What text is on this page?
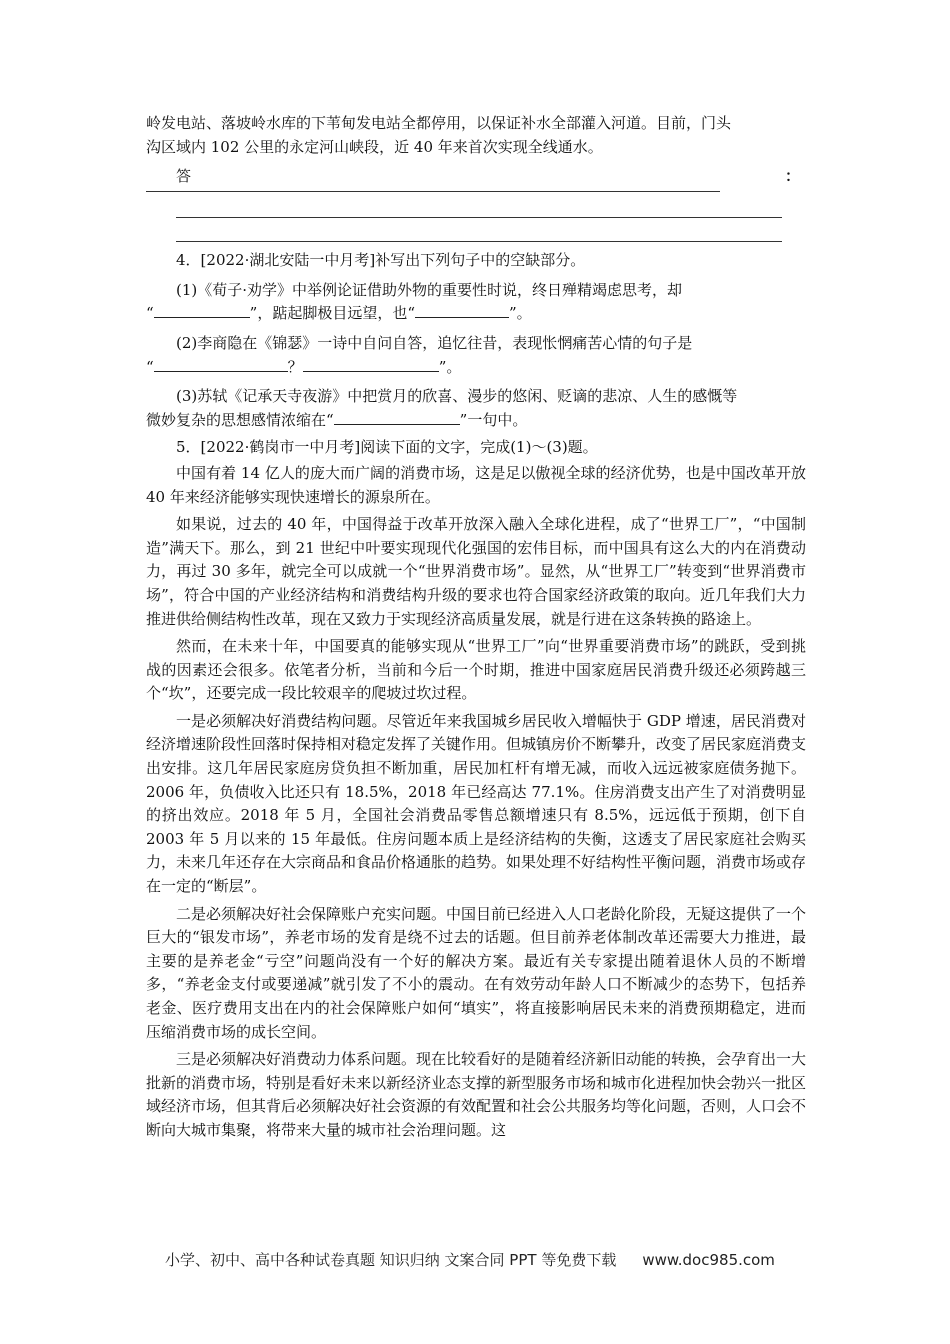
岭发电站、落坡岭水库的下苇甸发电站全都停用，以保证补水全部灌入河道。目前，门头

沟区域内 102 公里的永定河山峡段，近 40 年来首次实现全线通水。

答	：

4．[2022·湖北安陆一中月考]补写出下列句子中的空缺部分。

(1)《荀子·劝学》中举例论证借助外物的重要性时说，终日殚精竭虑思考，却

“	”，踮起脚极目远望，也“	”。

(2)李商隐在《锦瑟》一诗中自问自答，追忆往昔，表现怅惘痛苦心情的句子是

“	？	”。

(3)苏轼《记承天寺夜游》中把赏月的欣喜、漫步的悠闲、贬谪的悲凉、人生的感慨等

微妙复杂的思想感情浓缩在“	”一句中。

5．[2022·鹤岗市一中月考]阅读下面的文字，完成(1)～(3)题。

中国有着 14 亿人的庞大而广阔的消费市场，这是足以傲视全球的经济优势，也是中国改革开放 40 年来经济能够实现快速增长的源泉所在。

如果说，过去的 40 年，中国得益于改革开放深入融入全球化进程，成了“世界工厂”，“中国制造”满天下。那么，到 21 世纪中叶要实现现代化强国的宏伟目标，而中国具有这么大的内在消费动力，再过 30 多年，就完全可以成就一个“世界消费市场”。显然，从“世界工厂”转变到“世界消费市场”，符合中国的产业经济结构和消费结构升级的要求也符合国家经济政策的取向。近几年我们大力推进供给侧结构性改革，现在又致力于实现经济高质量发展，就是行进在这条转换的路途上。

然而，在未来十年，中国要真的能够实现从“世界工厂”向“世界重要消费市场”的跳跃，受到挑战的因素还会很多。依笔者分析，当前和今后一个时期，推进中国家庭居民消费升级还必须跨越三个“坎”，还要完成一段比较艰辛的爬坡过坎过程。

一是必须解决好消费结构问题。尽管近年来我国城乡居民收入增幅快于 GDP 增速，居民消费对经济增速阶段性回落时保持相对稳定发挥了关键作用。但城镇房价不断攀升，改变了居民家庭消费支出安排。这几年居民家庭房贷负担不断加重，居民加杠杆有增无减，而收入远远被家庭债务抛下。2006 年，负债收入比还只有 18.5%，2018 年已经高达 77.1%。住房消费支出产生了对消费明显的挤出效应。2018 年 5 月，全国社会消费品零售总额增速只有 8.5%，远远低于预期，创下自 2003 年 5 月以来的 15 年最低。住房问题本质上是经济结构的失衡，这透支了居民家庭社会购买力，未来几年还存在大宗商品和食品价格通胀的趋势。如果处理不好结构性平衡问题，消费市场或存在一定的“断层”。

二是必须解决好社会保障账户充实问题。中国目前已经进入人口老龄化阶段，无疑这提供了一个巨大的“银发市场”，养老市场的发育是绕不过去的话题。但目前养老体制改革还需要大力推进，最主要的是养老金“亏空”问题尚没有一个好的解决方案。最近有关专家提出随着退休人员的不断增多，“养老金支付或要递减”就引发了不小的震动。在有效劳动年龄人口不断减少的态势下，包括养老金、医疗费用支出在内的社会保障账户如何“填实”，将直接影响居民未来的消费预期稳定，进而压缩消费市场的成长空间。

三是必须解决好消费动力体系问题。现在比较看好的是随着经济新旧动能的转换，会孕育出一大批新的消费市场，特别是看好未来以新经济业态支撑的新型服务市场和城市化进程加快会勃兴一批区域经济市场，但其背后必须解决好社会资源的有效配置和社会公共服务均等化问题，否则，人口会不断向大城市集聚，将带来大量的城市社会治理问题。这

小学、初中、高中各种试卷真题 知识归纳 文案合同 PPT 等免费下载 www.doc985.com
